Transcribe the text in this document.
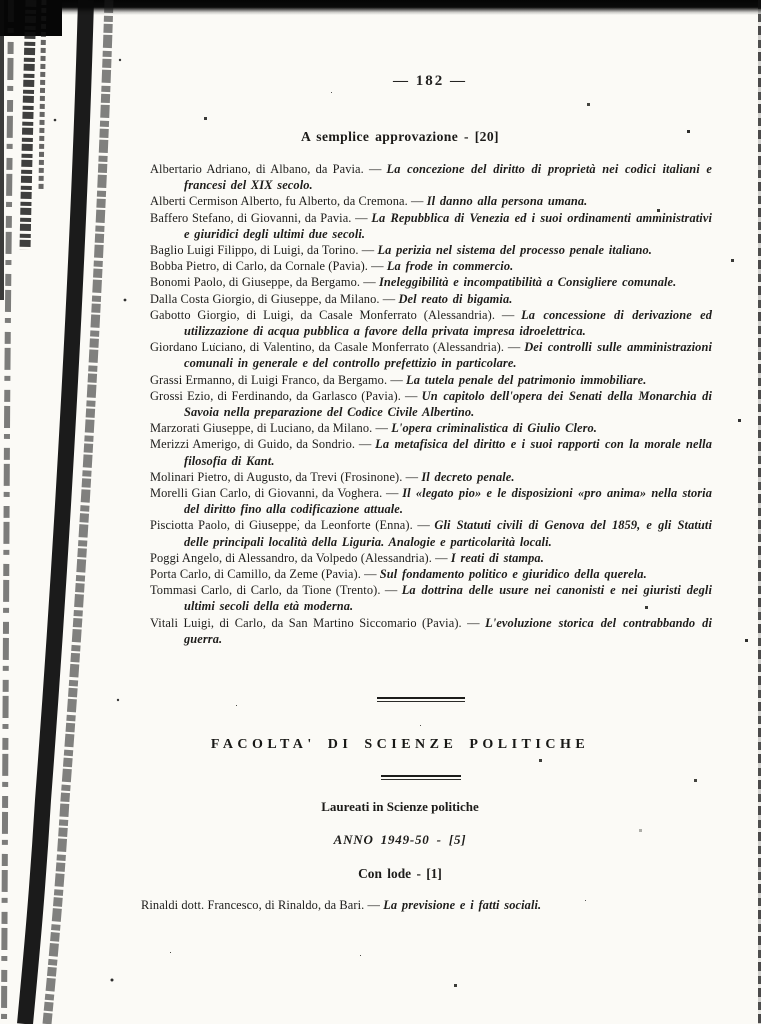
— 182 —
A semplice approvazione - [20]

Albertario Adriano, di Albano, da Pavia. — La concezione del diritto di proprietà nei codici italiani e francesi del XIX secolo.

Alberti Cermison Alberto, fu Alberto, da Cremona. — Il danno alla persona umana.

Baffero Stefano, di Giovanni, da Pavia. — La Repubblica di Venezia ed i suoi ordinamenti amministrativi e giuridici degli ultimi due secoli.

Baglio Luigi Filippo, di Luigi, da Torino. — La perizia nel sistema del processo penale italiano.

Bobba Pietro, di Carlo, da Cornale (Pavia). — La frode in commercio.

Bonomi Paolo, di Giuseppe, da Bergamo. — Ineleggibilità e incompatibilità a Consigliere comunale.

Dalla Costa Giorgio, di Giuseppe, da Milano. — Del reato di bigamia.

Gabotto Giorgio, di Luigi, da Casale Monferrato (Alessandria). — La concessione di derivazione ed utilizzazione di acqua pubblica a favore della privata impresa idroelettrica.

Giordano Luciano, di Valentino, da Casale Monferrato (Alessandria). — Dei controlli sulle amministrazioni comunali in generale e del controllo prefettizio in particolare.

Grassi Ermanno, di Luigi Franco, da Bergamo. — La tutela penale del patrimonio immobiliare.

Grossi Ezio, di Ferdinando, da Garlasco (Pavia). — Un capitolo dell'opera dei Senati della Monarchia di Savoia nella preparazione del Codice Civile Albertino.

Marzorati Giuseppe, di Luciano, da Milano. — L'opera criminalistica di Giulio Clero.

Merizzi Amerigo, di Guido, da Sondrio. — La metafisica del diritto e i suoi rapporti con la morale nella filosofia di Kant.

Molinari Pietro, di Augusto, da Trevi (Frosinone). — Il decreto penale.

Morelli Gian Carlo, di Giovanni, da Voghera. — Il «legato pio» e le disposizioni «pro anima» nella storia del diritto fino alla codificazione attuale.

Pisciotta Paolo, di Giuseppe, da Leonforte (Enna). — Gli Statuti civili di Genova del 1859, e gli Statuti delle principali località della Liguria. Analogie e particolarità locali.

Poggi Angelo, di Alessandro, da Volpedo (Alessandria). — I reati di stampa.

Porta Carlo, di Camillo, da Zeme (Pavia). — Sul fondamento politico e giuridico della querela.

Tommasi Carlo, di Carlo, da Tione (Trento). — La dottrina delle usure nei canonisti e nei giuristi degli ultimi secoli della età moderna.

Vitali Luigi, di Carlo, da San Martino Siccomario (Pavia). — L'evoluzione storica del contrabbando di guerra.

FACOLTA' DI SCIENZE POLITICHE
Laureati in Scienze politiche
ANNO 1949-50 - [5]
Con lode - [1]

Rinaldi dott. Francesco, di Rinaldo, da Bari. — La previsione e i fatti sociali.
